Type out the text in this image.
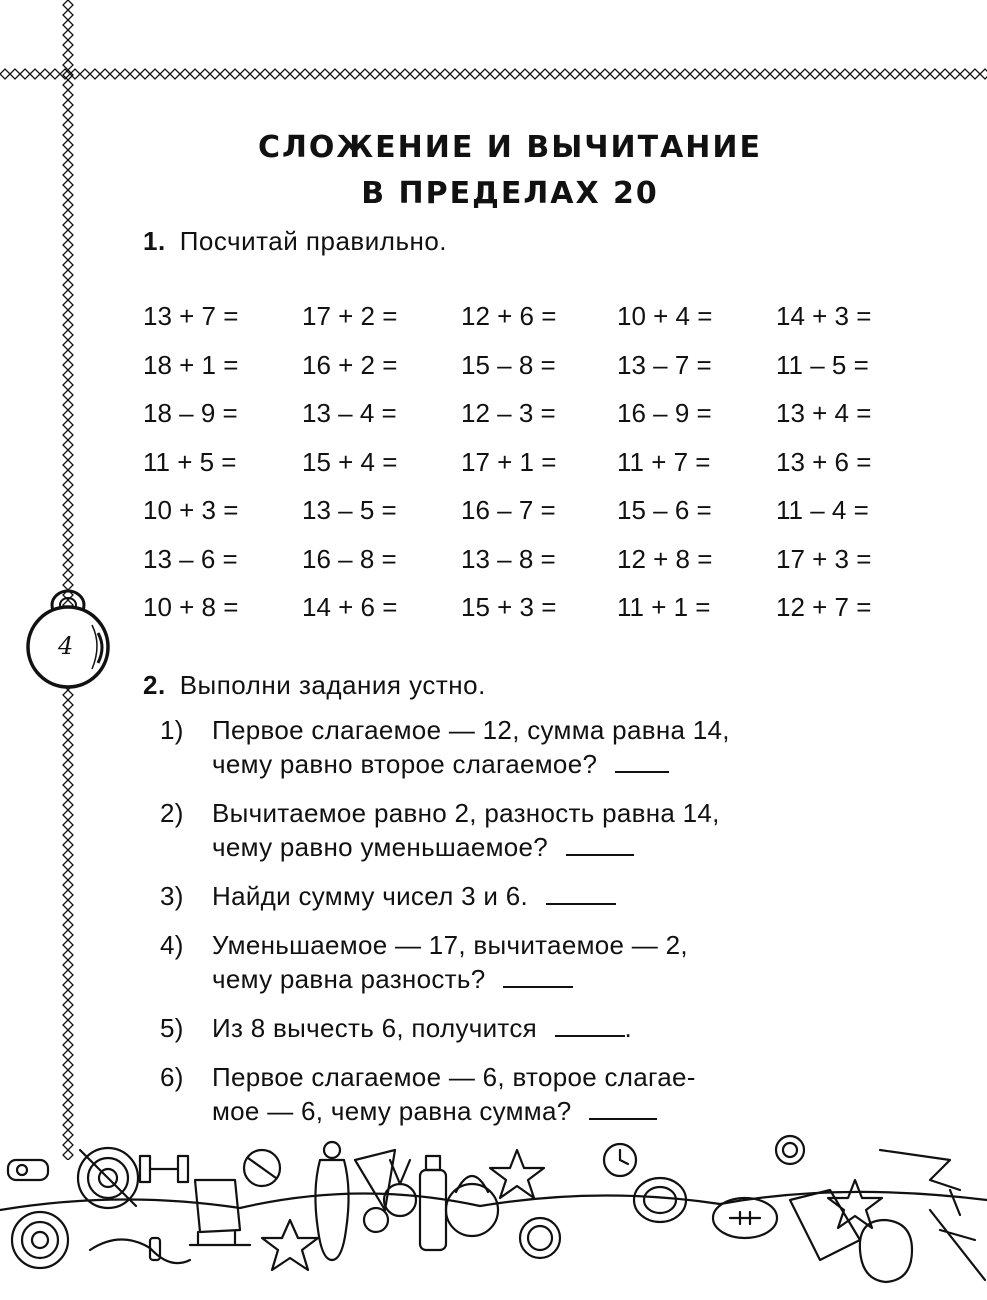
СЛОЖЕНИЕ И ВЫЧИТАНИЕ
В ПРЕДЕЛАХ 20
1. Посчитай правильно.
13 + 7 =	17 + 2 =	12 + 6 =	10 + 4 =	14 + 3 =
18 + 1 =	16 + 2 =	15 – 8 =	13 – 7 =	11 – 5 =
18 – 9 =	13 – 4 =	12 – 3 =	16 – 9 =	13 + 4 =
11 + 5 =	15 + 4 =	17 + 1 =	11 + 7 =	13 + 6 =
10 + 3 =	13 – 5 =	16 – 7 =	15 – 6 =	11 – 4 =
13 – 6 =	16 – 8 =	13 – 8 =	12 + 8 =	17 + 3 =
10 + 8 =	14 + 6 =	15 + 3 =	11 + 1 =	12 + 7 =
4
2. Выполни задания устно.
1)	Первое слагаемое — 12, сумма равна 14,
чему равно второе слагаемое?
2)	Вычитаемое равно 2, разность равна 14,
чему равно уменьшаемое?
3)	Найди сумму чисел 3 и 6.
4)	Уменьшаемое — 17, вычитаемое — 2,
чему равна разность?
5)	Из 8 вычесть 6, получится	.
6)	Первое слагаемое — 6, второе слагае-
мое — 6, чему равна сумма?
